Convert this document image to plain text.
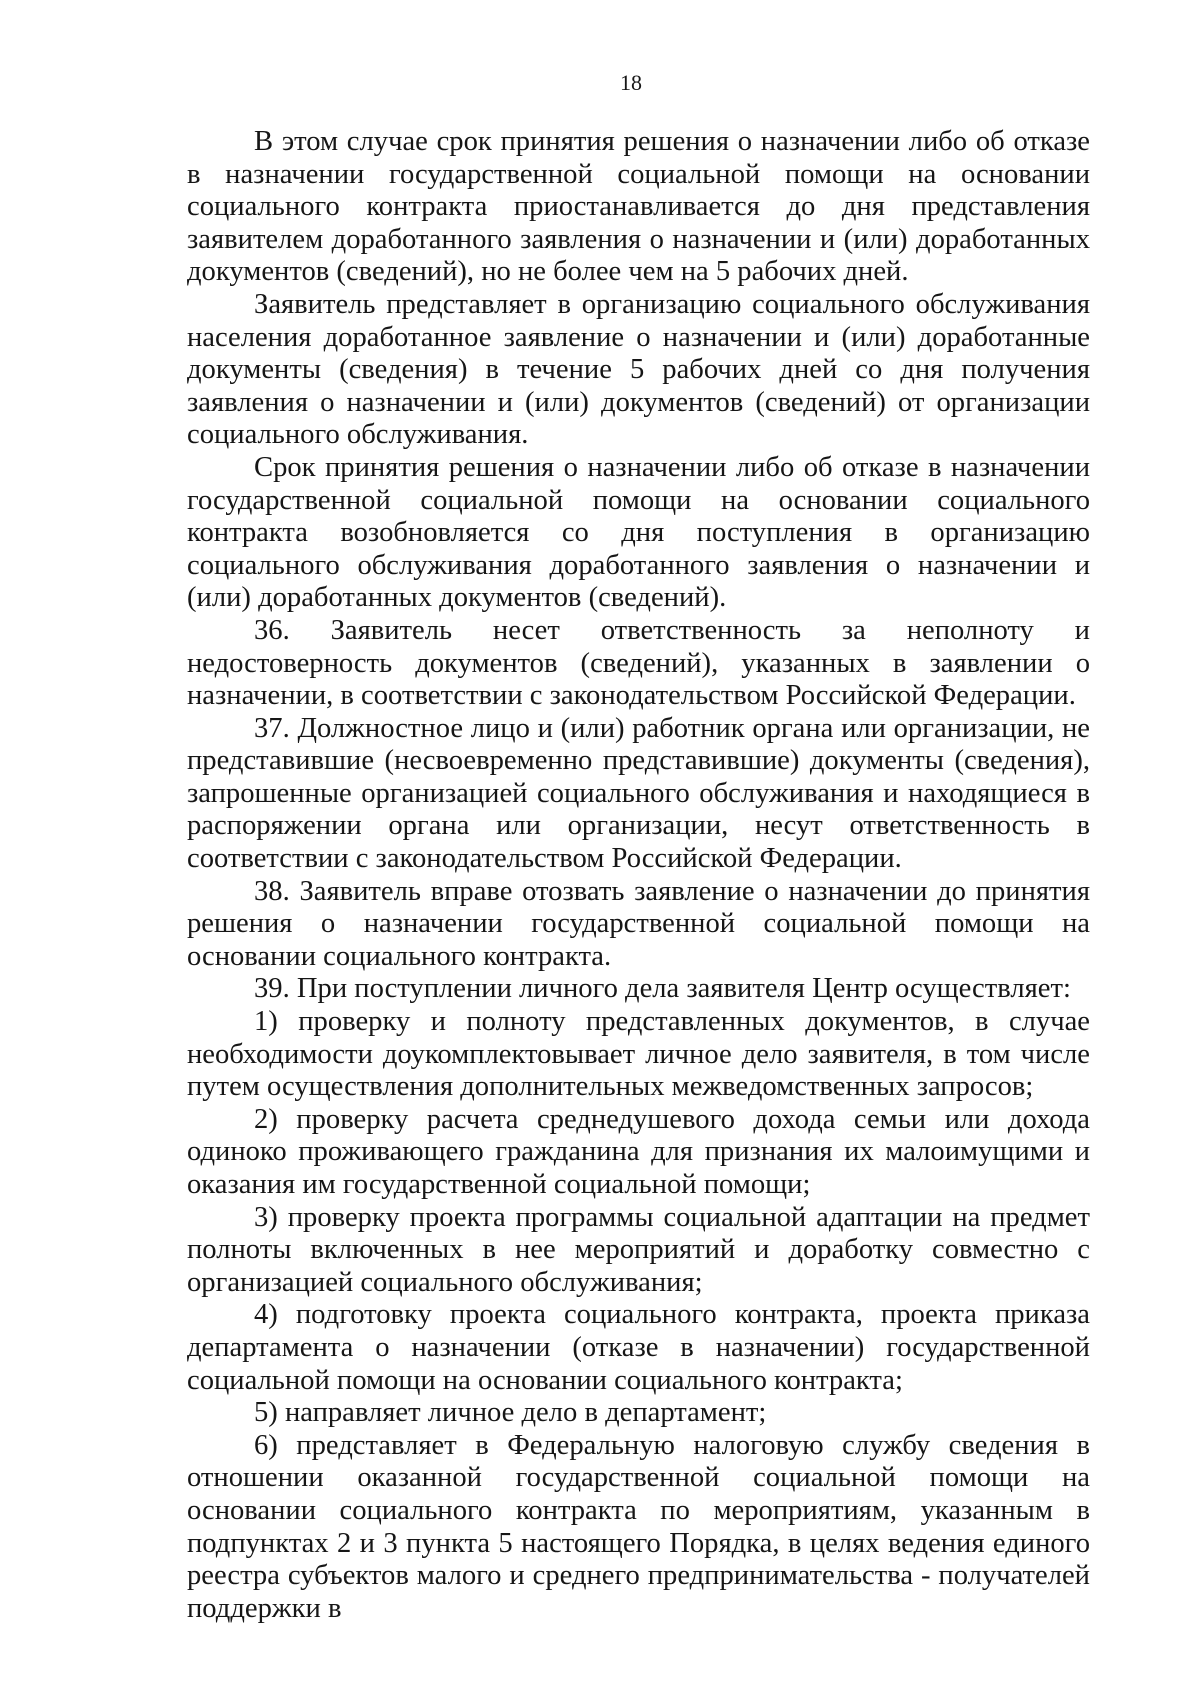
18

В этом случае срок принятия решения о назначении либо об отказе в назначении государственной социальной помощи на основании социального контракта приостанавливается до дня представления заявителем доработанного заявления о назначении и (или) доработанных документов (сведений), но не более чем на 5 рабочих дней.

Заявитель представляет в организацию социального обслуживания населения доработанное заявление о назначении и (или) доработанные документы (сведения) в течение 5 рабочих дней со дня получения заявления о назначении и (или) документов (сведений) от организации социального обслуживания.

Срок принятия решения о назначении либо об отказе в назначении государственной социальной помощи на основании социального контракта возобновляется со дня поступления в организацию социального обслуживания доработанного заявления о назначении и (или) доработанных документов (сведений).

36. Заявитель несет ответственность за неполноту и недостоверность документов (сведений), указанных в заявлении о назначении, в соответствии с законодательством Российской Федерации.

37. Должностное лицо и (или) работник органа или организации, не представившие (несвоевременно представившие) документы (сведения), запрошенные организацией социального обслуживания и находящиеся в распоряжении органа или организации, несут ответственность в соответствии с законодательством Российской Федерации.

38. Заявитель вправе отозвать заявление о назначении до принятия решения о назначении государственной социальной помощи на основании социального контракта.

39. При поступлении личного дела заявителя Центр осуществляет:

1) проверку и полноту представленных документов, в случае необходимости доукомплектовывает личное дело заявителя, в том числе путем осуществления дополнительных межведомственных запросов;

2) проверку расчета среднедушевого дохода семьи или дохода одиноко проживающего гражданина для признания их малоимущими и оказания им государственной социальной помощи;

3) проверку проекта программы социальной адаптации на предмет полноты включенных в нее мероприятий и доработку совместно с организацией социального обслуживания;

4) подготовку проекта социального контракта, проекта приказа департамента о назначении (отказе в назначении) государственной социальной помощи на основании социального контракта;

5) направляет личное дело в департамент;

6) представляет в Федеральную налоговую службу сведения в отношении оказанной государственной социальной помощи на основании социального контракта по мероприятиям, указанным в подпунктах 2 и 3 пункта 5 настоящего Порядка, в целях ведения единого реестра субъектов малого и среднего предпринимательства - получателей поддержки в
